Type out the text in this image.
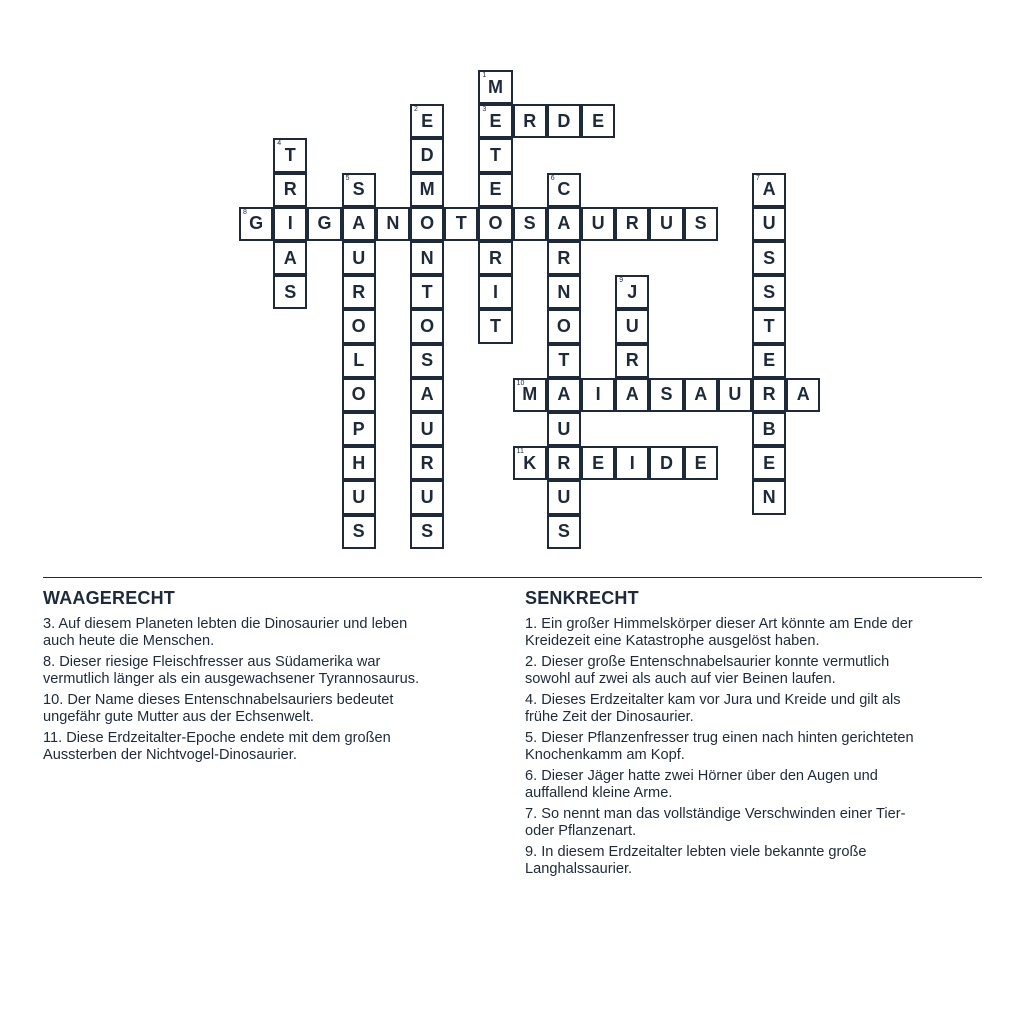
1
M
3
E
T
E
O
R
I
T
2
E
D
M
O
N
T
O
S
A
U
R
U
S
R	D	E
4
T
R
I
A
S
5
S
A
U
R
O
L
O
P
H
U
S
6
C
A
R
N
O
T
A
U
R
U
S
7
A
U
S
S
T
E
R
B
E
N
8
G	G	N	T	S	U	R	U	S
9
J
U
R
A
10
M	I	S	A	U	A
11
K	E	I	D	E
WAAGERECHT
3. Auf diesem Planeten lebten die Dinosaurier und leben
auch heute die Menschen.
8. Dieser riesige Fleischfresser aus Südamerika war
vermutlich länger als ein ausgewachsener Tyrannosaurus.
10. Der Name dieses Entenschnabelsauriers bedeutet
ungefähr gute Mutter aus der Echsenwelt.
11. Diese Erdzeitalter-Epoche endete mit dem großen
Aussterben der Nichtvogel-Dinosaurier.
SENKRECHT
1. Ein großer Himmelskörper dieser Art könnte am Ende der
Kreidezeit eine Katastrophe ausgelöst haben.
2. Dieser große Entenschnabelsaurier konnte vermutlich
sowohl auf zwei als auch auf vier Beinen laufen.
4. Dieses Erdzeitalter kam vor Jura und Kreide und gilt als
frühe Zeit der Dinosaurier.
5. Dieser Pflanzenfresser trug einen nach hinten gerichteten
Knochenkamm am Kopf.
6. Dieser Jäger hatte zwei Hörner über den Augen und
auffallend kleine Arme.
7. So nennt man das vollständige Verschwinden einer Tier-
oder Pflanzenart.
9. In diesem Erdzeitalter lebten viele bekannte große
Langhalssaurier.
